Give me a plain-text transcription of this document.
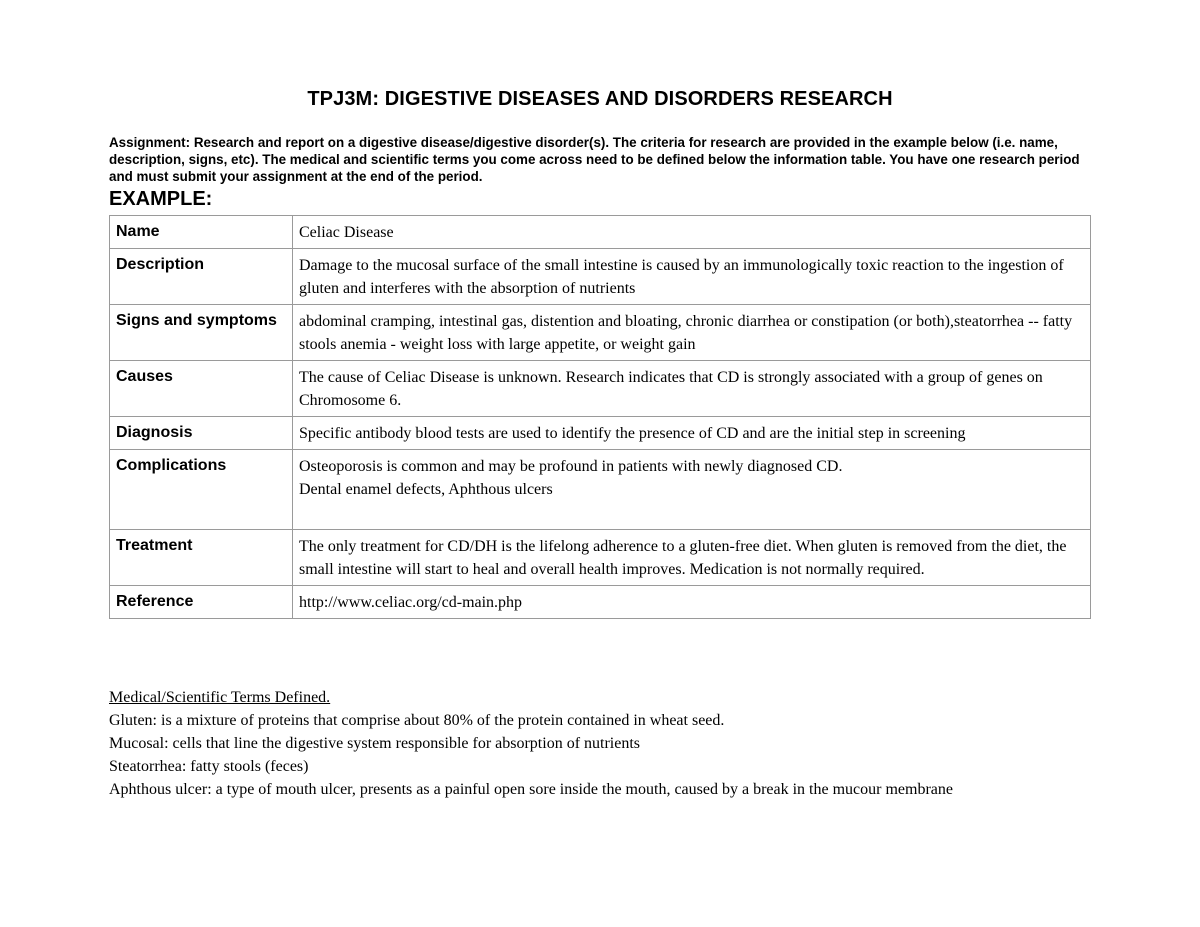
TPJ3M: DIGESTIVE DISEASES AND DISORDERS RESEARCH
Assignment: Research and report on a digestive disease/digestive disorder(s). The criteria for research are provided in the example below (i.e. name, description, signs, etc). The medical and scientific terms you come across need to be defined below the information table. You have one research period and must submit your assignment at the end of the period.
EXAMPLE:
Name	Celiac Disease

Description	Damage to the mucosal surface of the small intestine is caused by an immunologically toxic reaction to the ingestion of gluten and interferes with the absorption of nutrients

Signs and symptoms	abdominal cramping, intestinal gas, distention and bloating, chronic diarrhea or constipation (or both),steatorrhea -- fatty stools anemia - weight loss with large appetite, or weight gain

Causes	The cause of Celiac Disease is unknown. Research indicates that CD is strongly associated with a group of genes on Chromosome 6.

Diagnosis	Specific antibody blood tests are used to identify the presence of CD and are the initial step in screening

Complications	Osteoporosis is common and may be profound in patients with newly diagnosed CD.
Dental enamel defects, Aphthous ulcers

Treatment	The only treatment for CD/DH is the lifelong adherence to a gluten-free diet. When gluten is removed from the diet, the small intestine will start to heal and overall health improves. Medication is not normally required.

Reference	http://www.celiac.org/cd-main.php
Medical/Scientific Terms Defined.
Gluten: is a mixture of proteins that comprise about 80% of the protein contained in wheat seed.
Mucosal: cells that line the digestive system responsible for absorption of nutrients
Steatorrhea: fatty stools (feces)
Aphthous ulcer: a type of mouth ulcer, presents as a painful open sore inside the mouth, caused by a break in the mucour membrane
